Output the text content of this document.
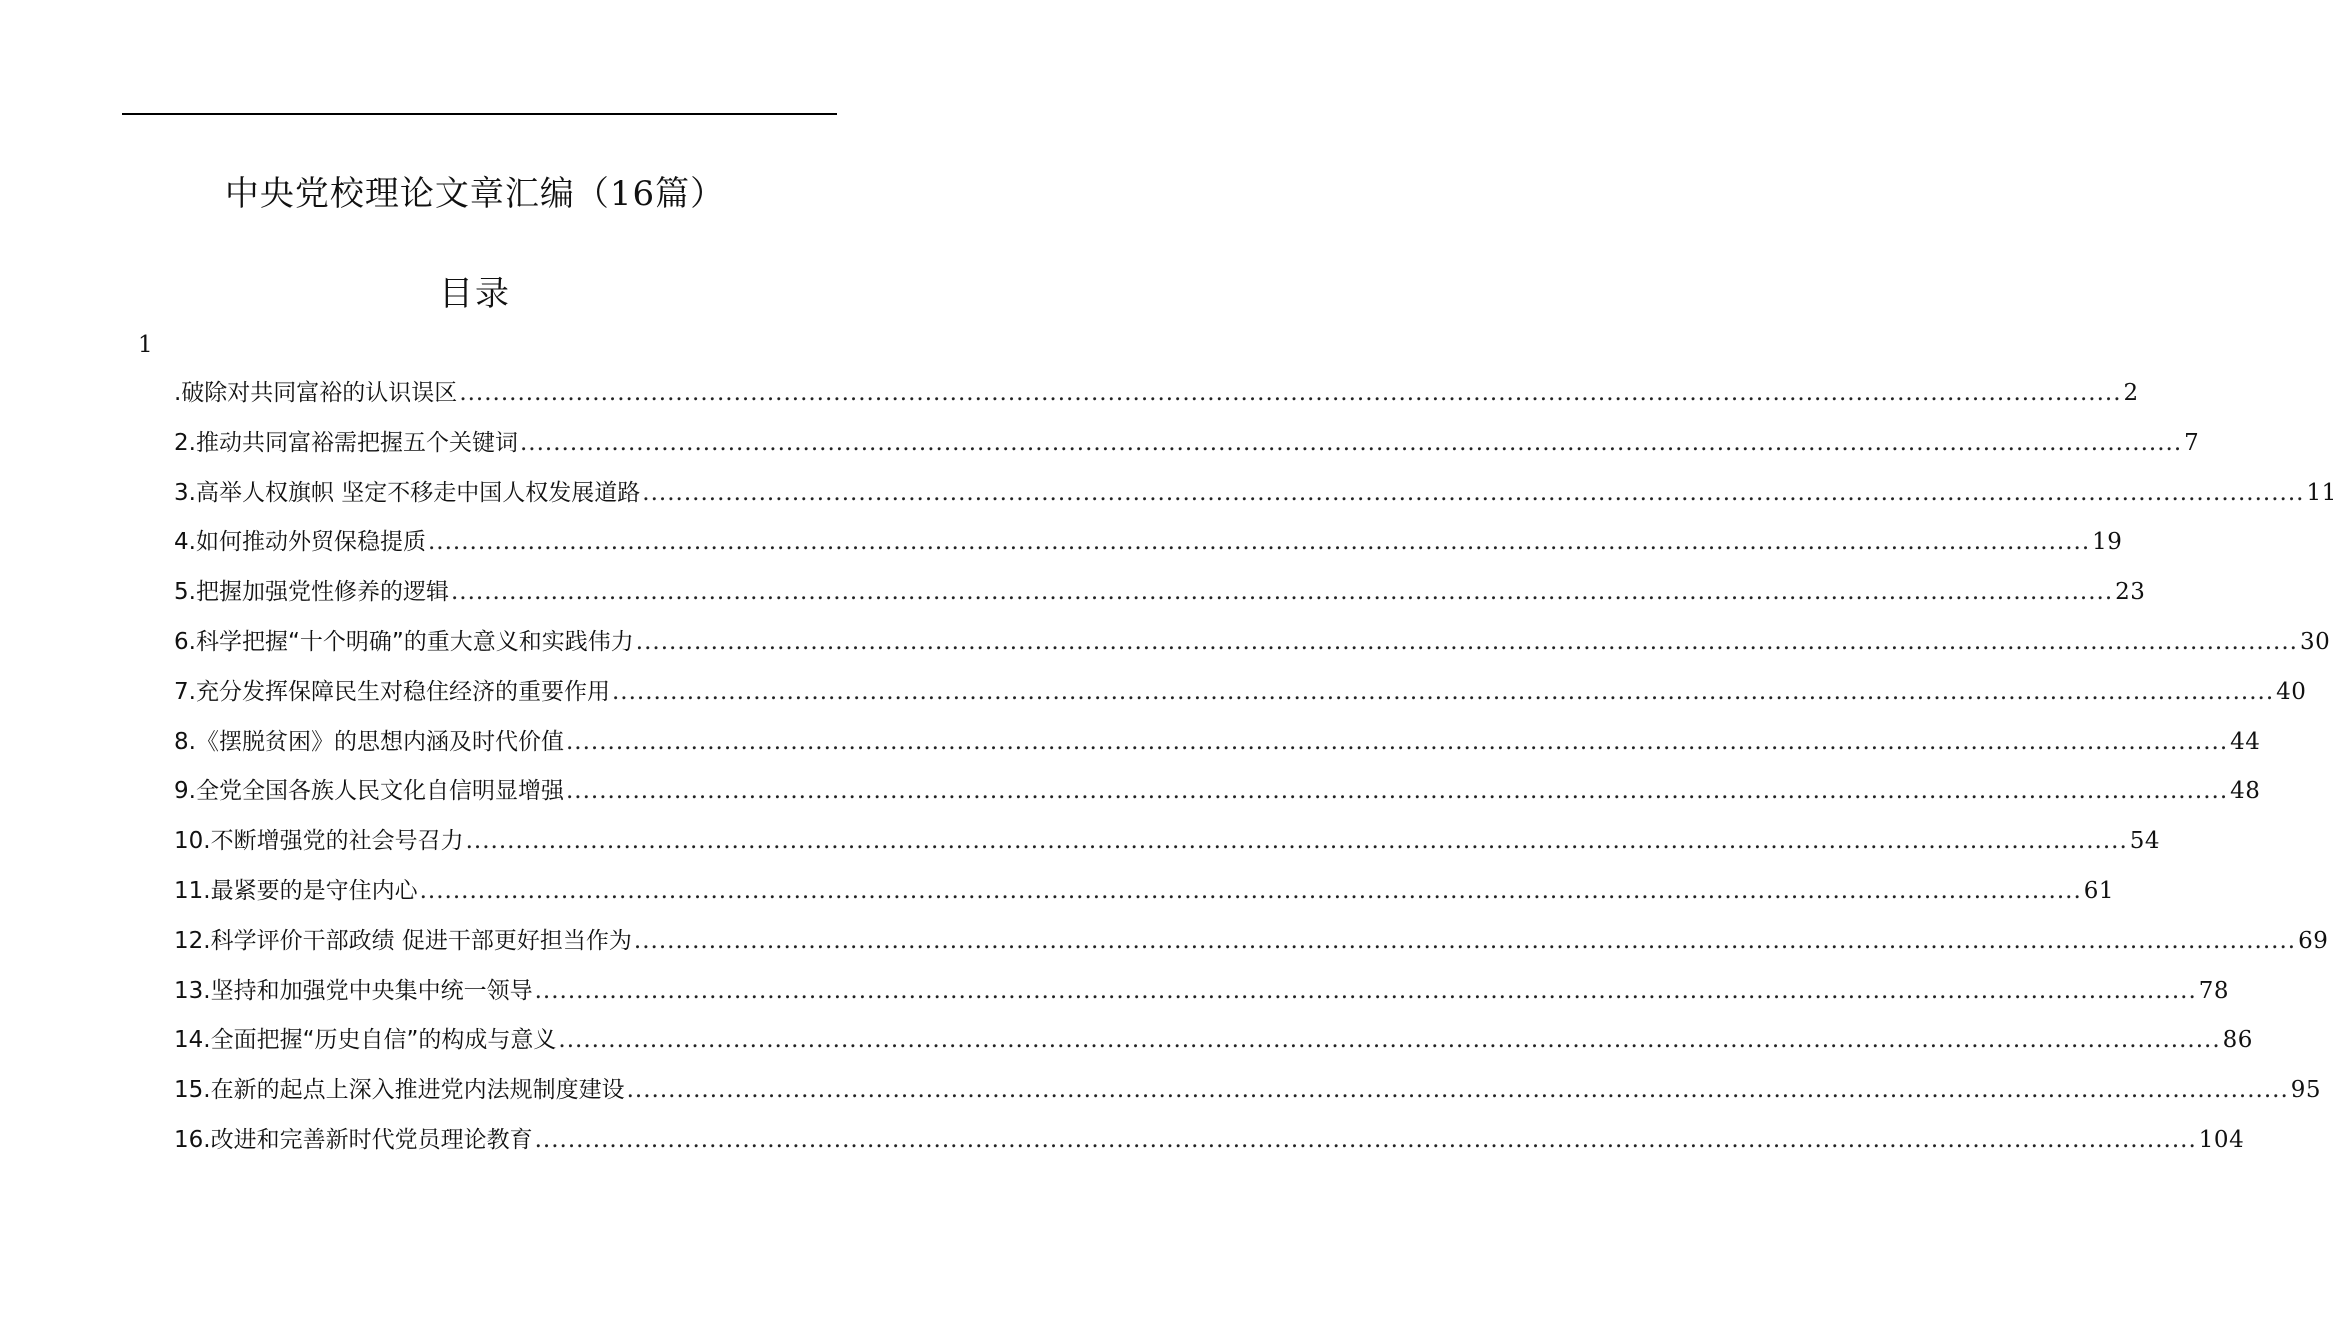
中央党校理论文章汇编（16篇）
目录
1
.破除对共同富裕的认识误区 ........................................................................................................................................................................................................ 2
2.推动共同富裕需把握五个关键词 ........................................................................................................................................................................................................ 7
3.高举人权旗帜 坚定不移走中国人权发展道路 ........................................................................................................................................................................................................ 11
4.如何推动外贸保稳提质 ........................................................................................................................................................................................................ 19
5.把握加强党性修养的逻辑 ........................................................................................................................................................................................................ 23
6.科学把握“十个明确”的重大意义和实践伟力 ........................................................................................................................................................................................................ 30
7.充分发挥保障民生对稳住经济的重要作用 ........................................................................................................................................................................................................ 40
8.《摆脱贫困》的思想内涵及时代价值 ........................................................................................................................................................................................................ 44
9.全党全国各族人民文化自信明显增强 ........................................................................................................................................................................................................ 48
10.不断增强党的社会号召力 ........................................................................................................................................................................................................ 54
11.最紧要的是守住内心 ........................................................................................................................................................................................................ 61
12.科学评价干部政绩 促进干部更好担当作为 ........................................................................................................................................................................................................ 69
13.坚持和加强党中央集中统一领导 ........................................................................................................................................................................................................ 78
14.全面把握“历史自信”的构成与意义 ........................................................................................................................................................................................................ 86
15.在新的起点上深入推进党内法规制度建设 ........................................................................................................................................................................................................ 95
16.改进和完善新时代党员理论教育 ........................................................................................................................................................................................................ 104
